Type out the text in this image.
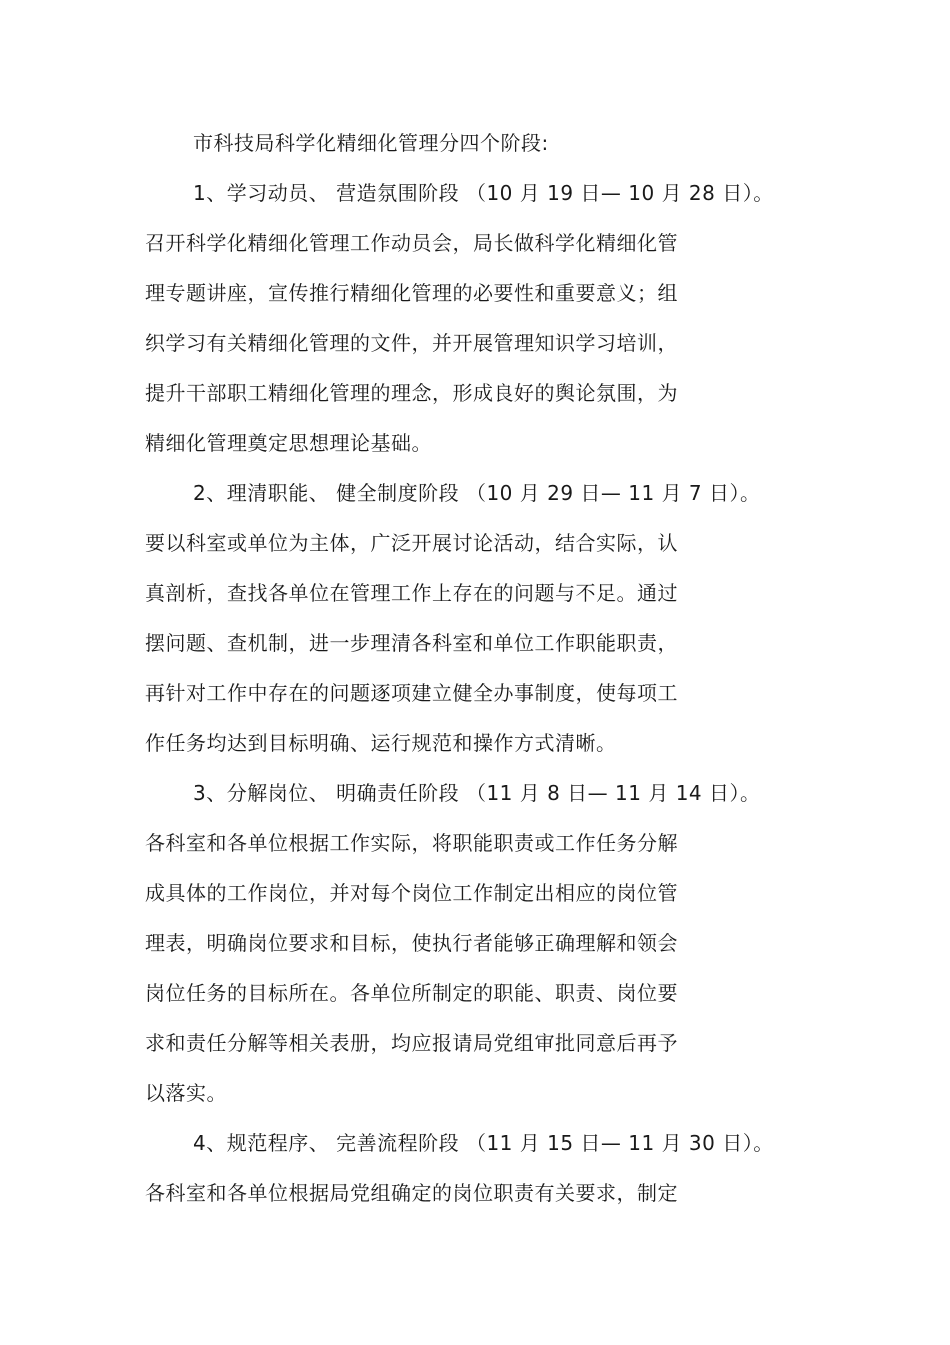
市科技局科学化精细化管理分四个阶段:
1、学习动员、 营造氛围阶段 （10 月 19 日— 10 月 28 日）。
召开科学化精细化管理工作动员会，局长做科学化精细化管
理专题讲座，宣传推行精细化管理的必要性和重要意义；组
织学习有关精细化管理的文件，并开展管理知识学习培训，
提升干部职工精细化管理的理念，形成良好的舆论氛围，为
精细化管理奠定思想理论基础。
2、理清职能、 健全制度阶段 （10 月 29 日— 11 月 7 日）。
要以科室或单位为主体，广泛开展讨论活动，结合实际，认
真剖析，查找各单位在管理工作上存在的问题与不足。通过
摆问题、查机制，进一步理清各科室和单位工作职能职责，
再针对工作中存在的问题逐项建立健全办事制度，使每项工
作任务均达到目标明确、运行规范和操作方式清晰。
3、分解岗位、 明确责任阶段 （11 月 8 日— 11 月 14 日）。
各科室和各单位根据工作实际，将职能职责或工作任务分解
成具体的工作岗位，并对每个岗位工作制定出相应的岗位管
理表，明确岗位要求和目标，使执行者能够正确理解和领会
岗位任务的目标所在。各单位所制定的职能、职责、岗位要
求和责任分解等相关表册，均应报请局党组审批同意后再予
以落实。
4、规范程序、 完善流程阶段 （11 月 15 日— 11 月 30 日）。
各科室和各单位根据局党组确定的岗位职责有关要求，制定
